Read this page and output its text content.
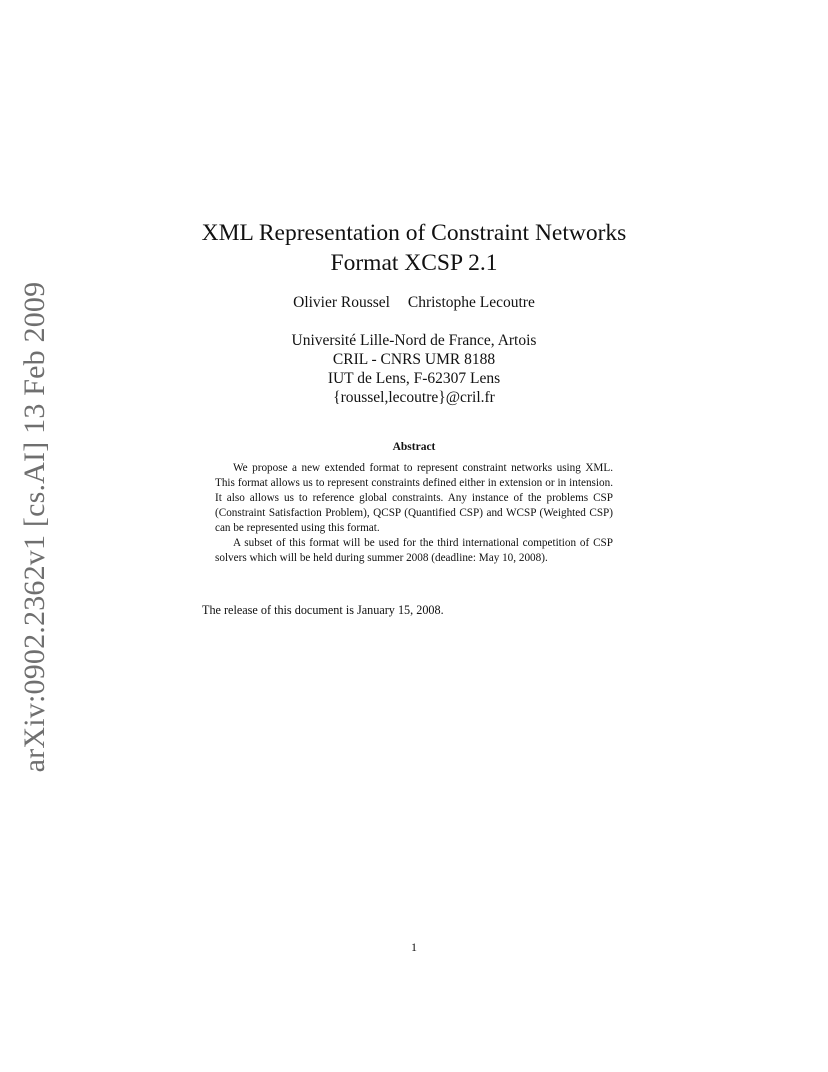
arXiv:0902.2362v1 [cs.AI] 13 Feb 2009
XML Representation of Constraint Networks
Format XCSP 2.1
Olivier Roussel Christophe Lecoutre
Université Lille-Nord de France, Artois
CRIL - CNRS UMR 8188
IUT de Lens, F-62307 Lens
{roussel,lecoutre}@cril.fr
Abstract

We propose a new extended format to represent constraint networks using XML. This format allows us to represent constraints defined either in extension or in intension. It also allows us to reference global constraints. Any instance of the problems CSP (Constraint Satisfaction Problem), QCSP (Quantified CSP) and WCSP (Weighted CSP) can be represented using this format.

A subset of this format will be used for the third international competition of CSP solvers which will be held during summer 2008 (deadline: May 10, 2008).

The release of this document is January 15, 2008.
1
